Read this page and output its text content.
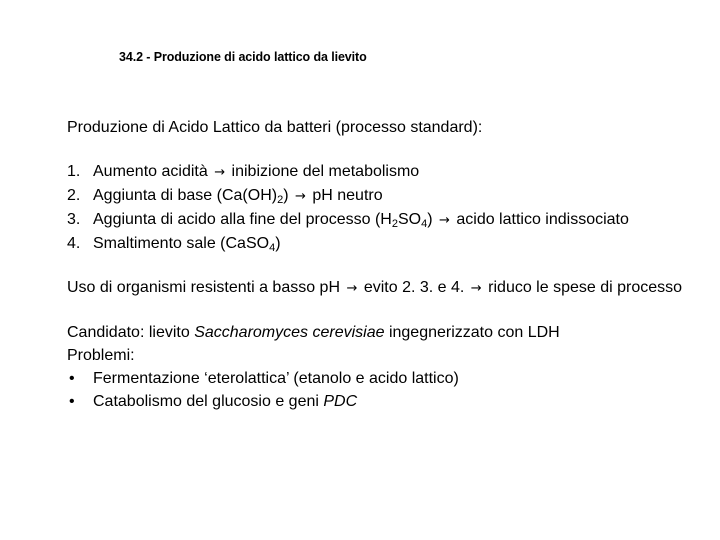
34.2 - Produzione di acido lattico da lievito

Produzione di Acido Lattico da batteri (processo standard):

1. Aumento acidità → inibizione del metabolismo
2. Aggiunta di base $(Ca(OH)_2)$ → pH neutro
3. Aggiunta di acido alla fine del processo $(H_2SO_4)$ → acido lattico indissociato
4. Smaltimento sale (CaSO$_4$)

Uso di organismi resistenti a basso pH → evito 2. 3. e 4. → riduco le spese di processo

Candidato: lievito Saccharomyces cerevisiae ingegnerizzato con LDH

Problemi:

• Fermentazione ‘eterolattica’ (etanolo e acido lattico)
• Catabolismo del glucosio e geni PDC
